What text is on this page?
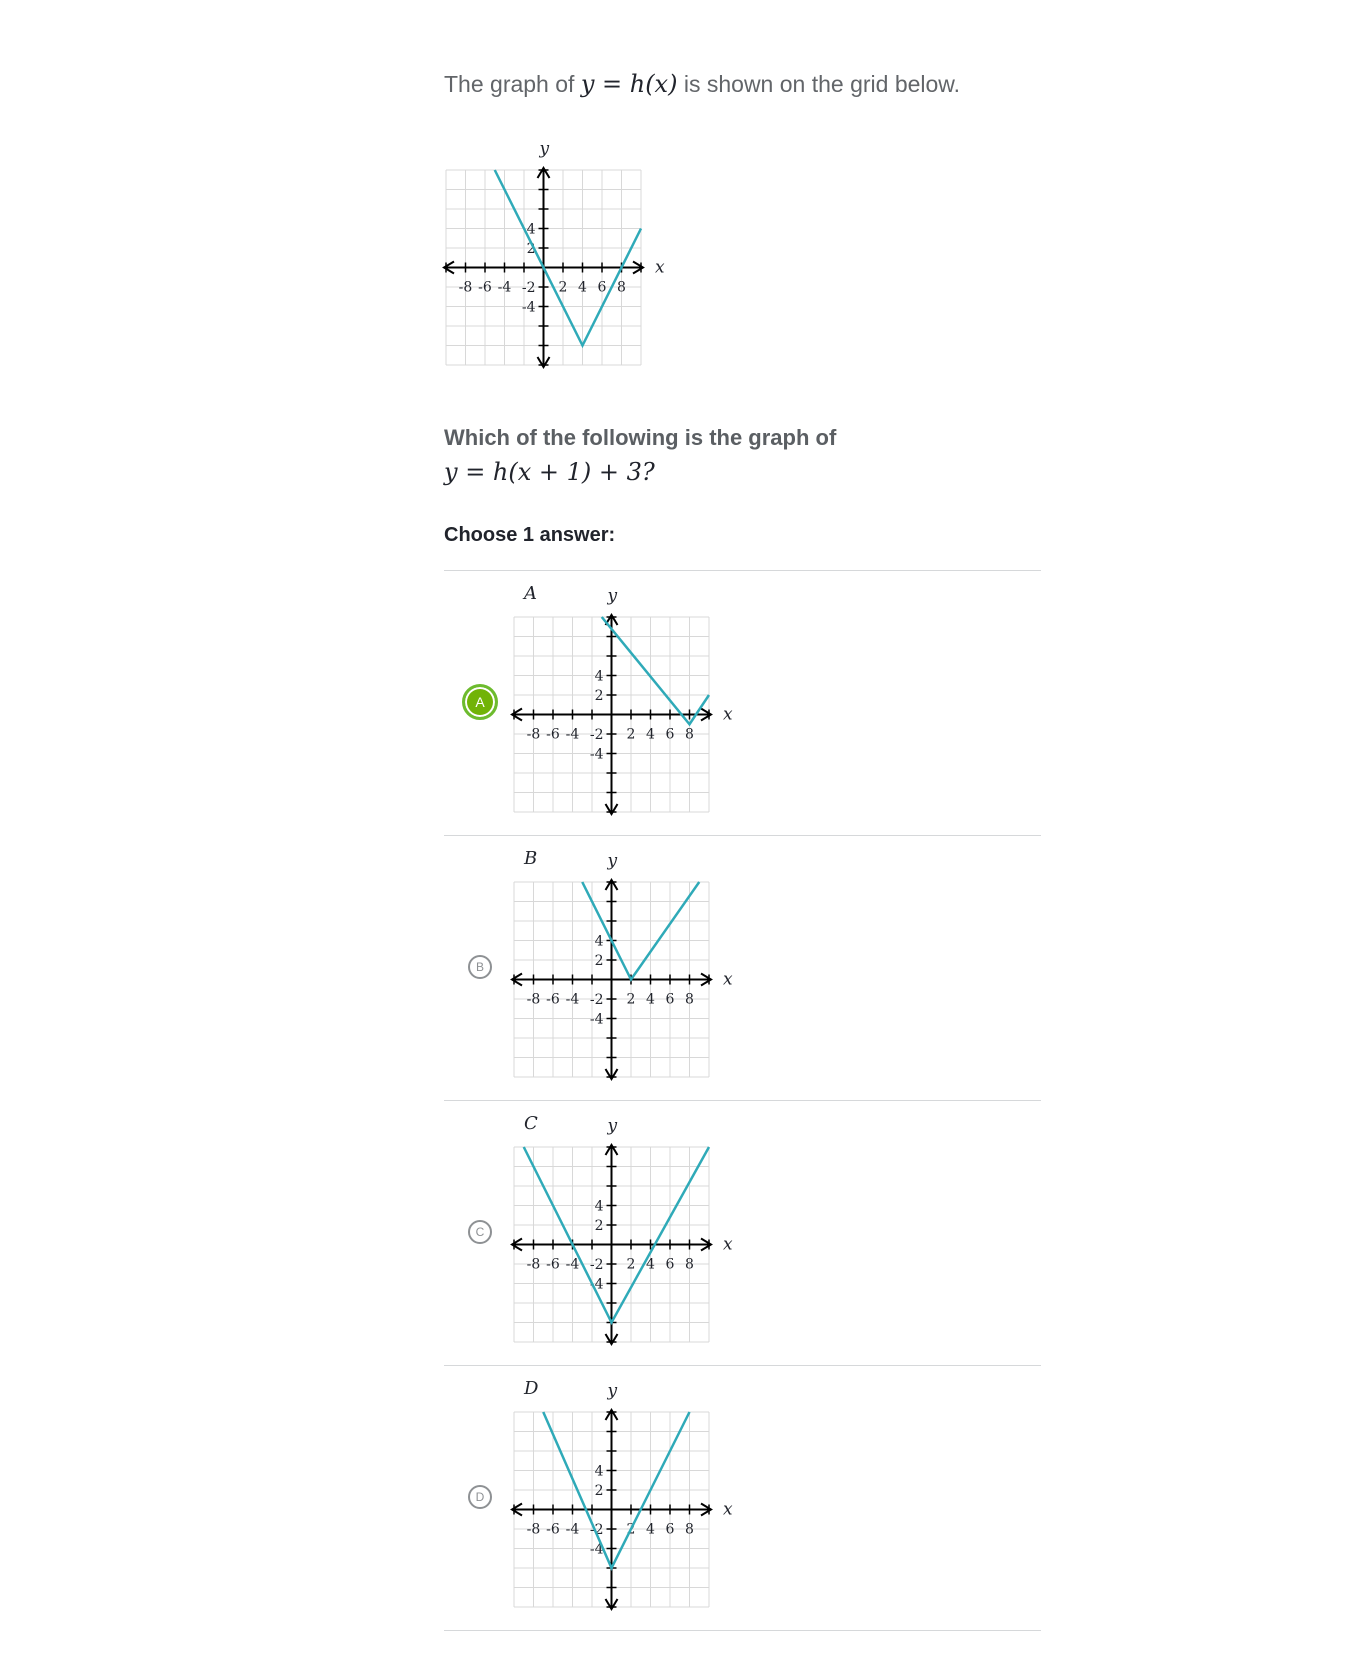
The graph of y = h(x) is shown on the grid below.
y
x
-8 -6 -4	2 4 6 8
4
2
-2
-4
Which of the following is the graph of
y = h(x + 1) + 3?
Choose 1 answer:
A
A	y
x
-8 -6 -4	2 4 6 8
4
2
-2
-4
B
B	y
x
-8 -6 -4	2 4 6 8
4
2
-2
-4
C
C	y
x
-8 -6 -4	2 4 6 8
4
2
-2
-4
D
D	y
x
-8 -6 -4	2 4 6 8
4
2
-2
-4
